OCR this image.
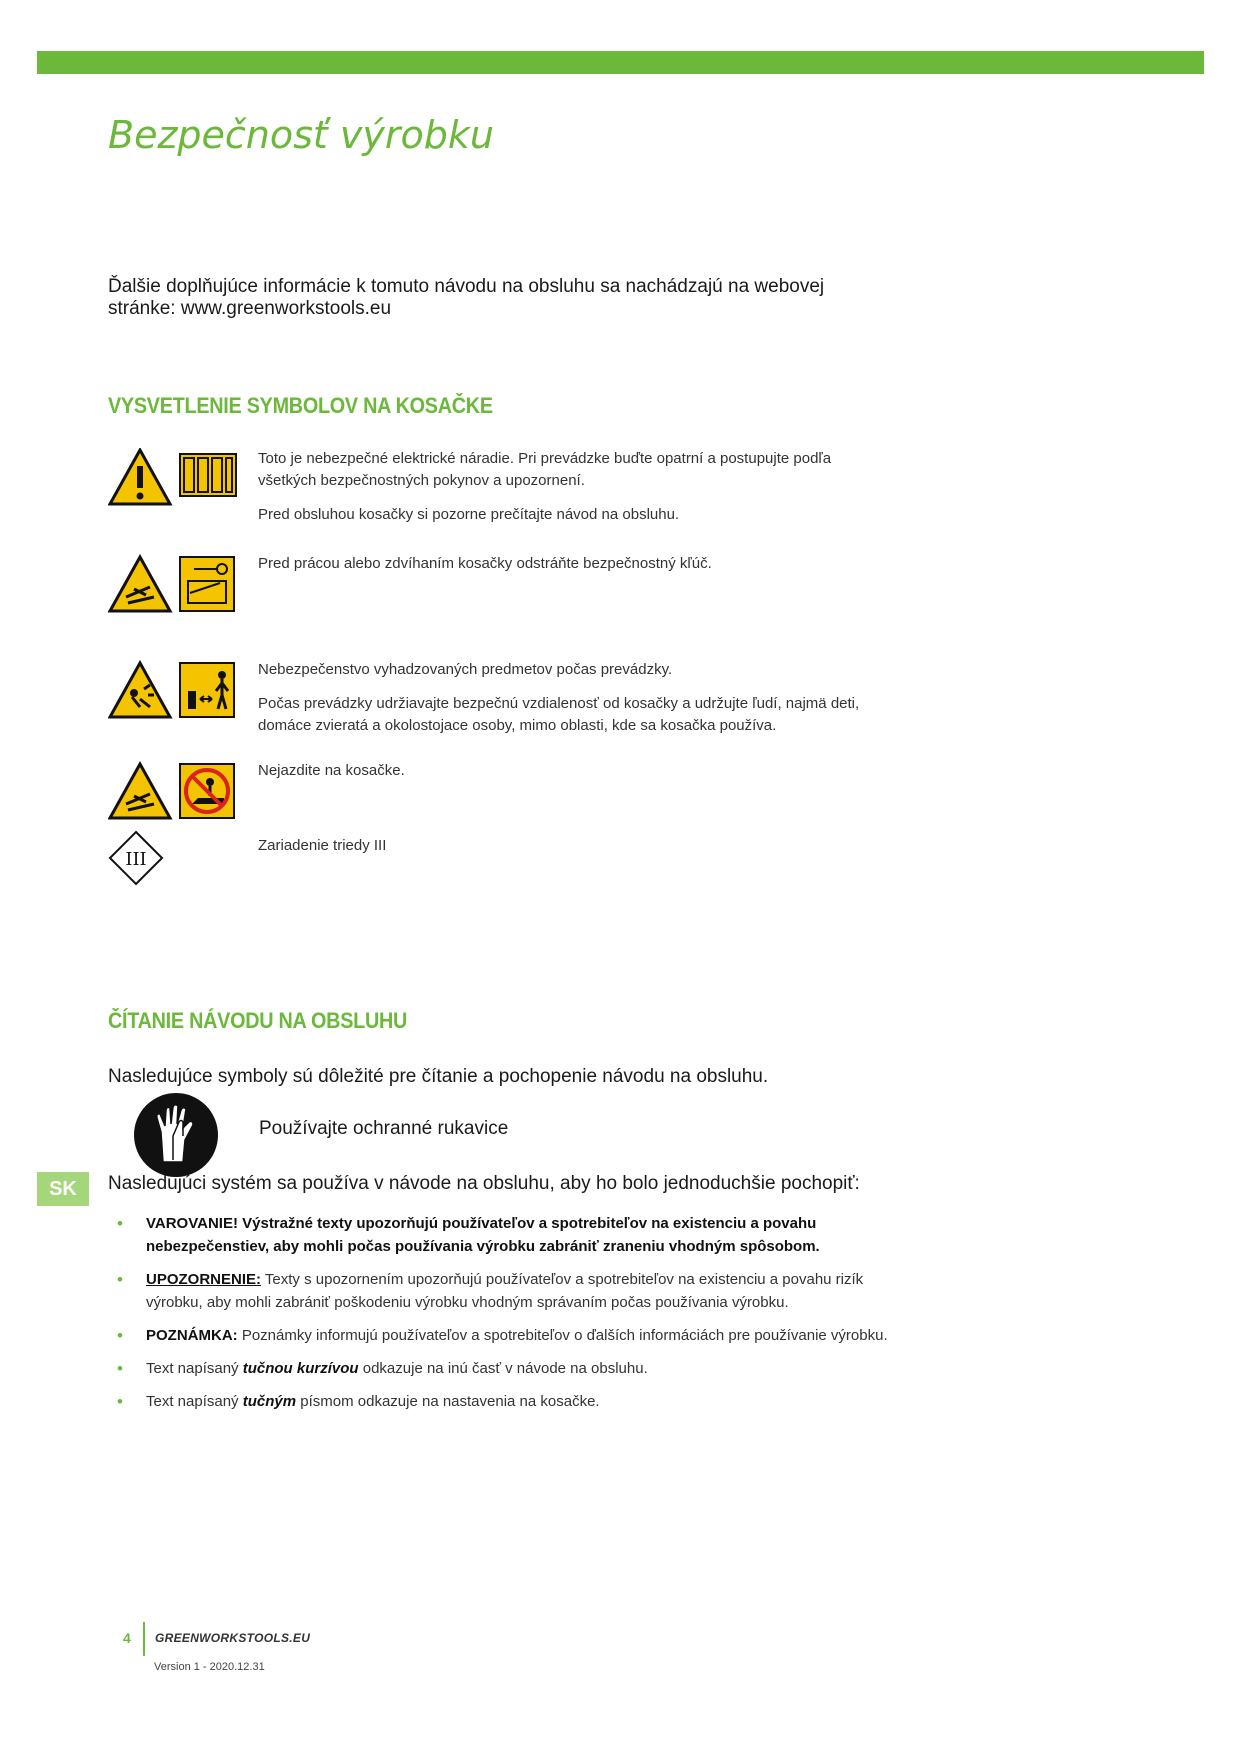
Bezpečnosť výrobku

Ďalšie doplňujúce informácie k tomuto návodu na obsluhu sa nachádzajú na webovej stránke: www.greenworkstools.eu

VYSVETLENIE SYMBOLOV NA KOSAČKE

Toto je nebezpečné elektrické náradie. Pri prevádzke buďte opatrní a postupujte podľa všetkých bezpečnostných pokynov a upozornení.

Pred obsluhou kosačky si pozorne prečítajte návod na obsluhu.

Pred prácou alebo zdvíhaním kosačky odstráňte bezpečnostný kľúč.

Nebezpečenstvo vyhadzovaných predmetov počas prevádzky.

Počas prevádzky udržiavajte bezpečnú vzdialenosť od kosačky a udržujte ľudí, najmä deti, domáce zvieratá a okolostojace osoby, mimo oblasti, kde sa kosačka používa.

Nejazdite na kosačke.

III

Zariadenie triedy III

ČÍTANIE NÁVODU NA OBSLUHU

Nasledujúce symboly sú dôležité pre čítanie a pochopenie návodu na obsluhu.

Používajte ochranné rukavice

SK	Nasledujúci systém sa používa v návode na obsluhu, aby ho bolo jednoduchšie pochopiť:

• VAROVANIE! Výstražné texty upozorňujú používateľov a spotrebiteľov na existenciu a povahu nebezpečenstiev, aby mohli počas používania výrobku zabrániť zraneniu vhodným spôsobom.
• UPOZORNENIE: Texty s upozornením upozorňujú používateľov a spotrebiteľov na existenciu a povahu rizík výrobku, aby mohli zabrániť poškodeniu výrobku vhodným správaním počas používania výrobku.
• POZNÁMKA: Poznámky informujú používateľov a spotrebiteľov o ďalších informáciách pre používanie výrobku.
• Text napísaný tučnou kurzívou odkazuje na inú časť v návode na obsluhu.
• Text napísaný tučným písmom odkazuje na nastavenia na kosačke.
4 GREENWORKSTOOLS.EU
Version 1 - 2020.12.31
